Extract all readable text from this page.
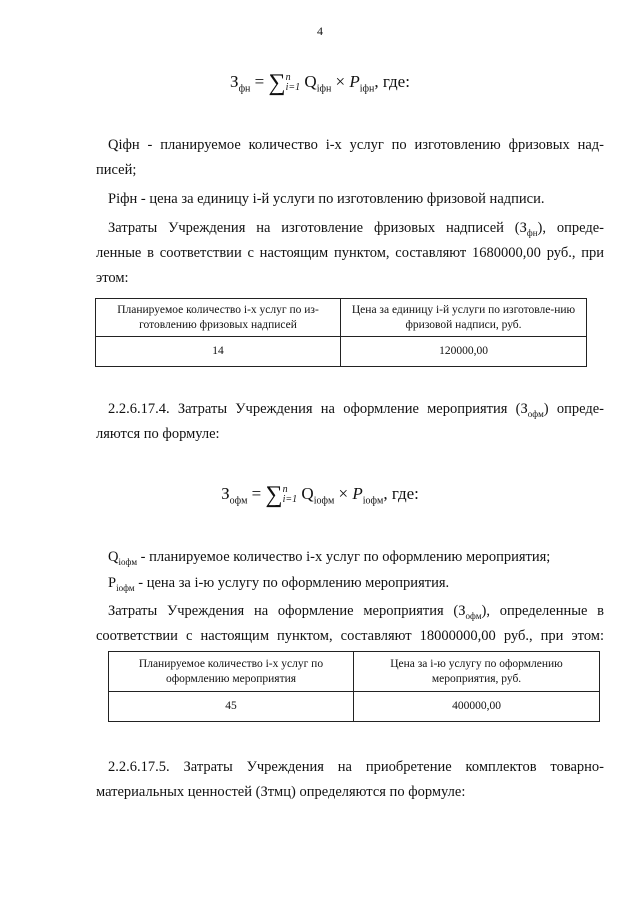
4
$З_{фн} = \sum n$
i=1 $Q_{iфн} \times P_{iфн}$, где:
Qiфн - планируемое количество i-х услуг по изготовлению фризовых над-
писей;
Piфн - цена за единицу i-й услуги по изготовлению фризовой надписи.
Затраты Учреждения на изготовление фризовых надписей $(З_{фн})$, опреде-
ленные в соответствии с настоящим пунктом, составляют 1680000,00 руб., при
этом:
Планируемое количество i-х услуг по из-готовлению фризовых надписей	Цена за единицу i-й услуги по изготовле-нию фризовой надписи, руб.
14	120000,00
2.2.6.17.4. Затраты Учреждения на оформление мероприятия $(З_{офм})$ опреде-
ляются по формуле:
$З_{офм} = \sum n$
i=1 $Q_{iофм} \times P_{iофм}$, где:
$Q_{iофм}$ - планируемое количество i-х услуг по оформлению мероприятия;
$P_{iофм}$ - цена за i-ю услугу по оформлению мероприятия.
Затраты Учреждения на оформление мероприятия $(З_{офм})$, определенные в
соответствии с настоящим пунктом, составляют 18000000,00 руб., при этом:
Планируемое количество i-х услуг по оформлению мероприятия	Цена за i-ю услугу по оформлению мероприятия, руб.
45	400000,00
2.2.6.17.5. Затраты Учреждения на приобретение комплектов товарно-
материальных ценностей (Зтмц) определяются по формуле:
